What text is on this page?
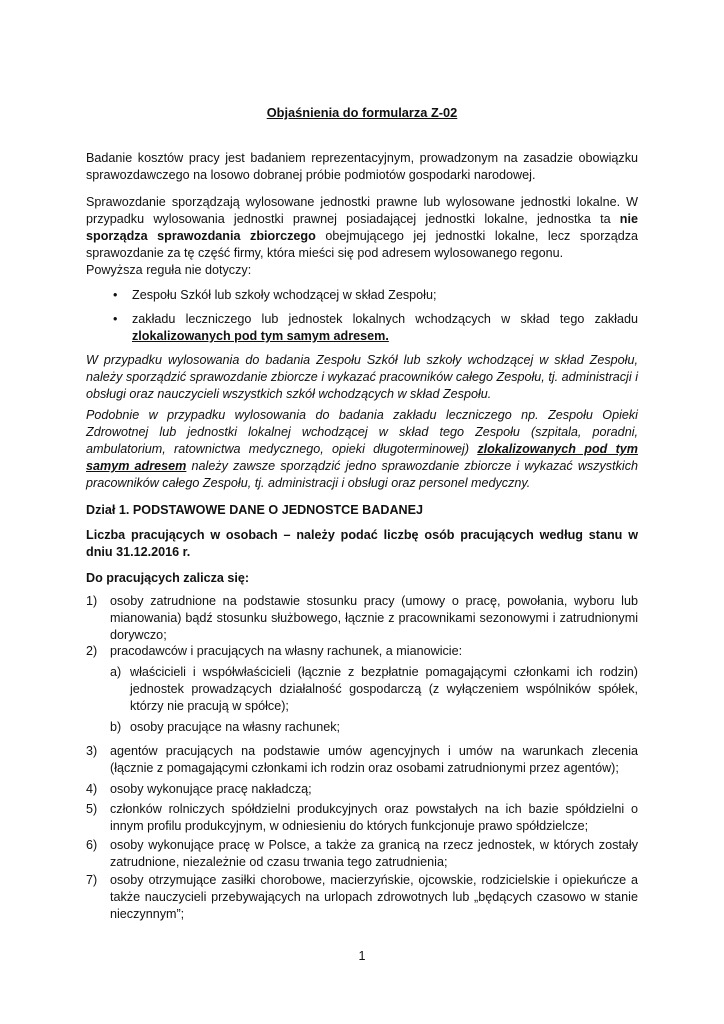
Objaśnienia do formularza Z-02

Badanie kosztów pracy jest badaniem reprezentacyjnym, prowadzonym na zasadzie obowiązku sprawozdawczego na losowo dobranej próbie podmiotów gospodarki narodowej.

Sprawozdanie sporządzają wylosowane jednostki prawne lub wylosowane jednostki lokalne. W przypadku wylosowania jednostki prawnej posiadającej jednostki lokalne, jednostka ta nie sporządza sprawozdania zbiorczego obejmującego jej jednostki lokalne, lecz sporządza sprawozdanie za tę część firmy, która mieści się pod adresem wylosowanego regonu.

Powyższa reguła nie dotyczy:

• Zespołu Szkół lub szkoły wchodzącej w skład Zespołu;

• zakładu leczniczego lub jednostek lokalnych wchodzących w skład tego zakładu zlokalizowanych pod tym samym adresem.

W przypadku wylosowania do badania Zespołu Szkół lub szkoły wchodzącej w skład Zespołu, należy sporządzić sprawozdanie zbiorcze i wykazać pracowników całego Zespołu, tj. administracji i obsługi oraz nauczycieli wszystkich szkół wchodzących w skład Zespołu.

Podobnie w przypadku wylosowania do badania zakładu leczniczego np. Zespołu Opieki Zdrowotnej lub jednostki lokalnej wchodzącej w skład tego Zespołu (szpitala, poradni, ambulatorium, ratownictwa medycznego, opieki długoterminowej) zlokalizowanych pod tym samym adresem należy zawsze sporządzić jedno sprawozdanie zbiorcze i wykazać wszystkich pracowników całego Zespołu, tj. administracji i obsługi oraz personel medyczny.

Dział 1. PODSTAWOWE DANE O JEDNOSTCE BADANEJ

Liczba pracujących w osobach – należy podać liczbę osób pracujących według stanu w dniu 31.12.2016 r.

Do pracujących zalicza się:

1) osoby zatrudnione na podstawie stosunku pracy (umowy o pracę, powołania, wyboru lub mianowania) bądź stosunku służbowego, łącznie z pracownikami sezonowymi i zatrudnionymi dorywczo;

2) pracodawców i pracujących na własny rachunek, a mianowicie:

a) właścicieli i współwłaścicieli (łącznie z bezpłatnie pomagającymi członkami ich rodzin) jednostek prowadzących działalność gospodarczą (z wyłączeniem wspólników spółek, którzy nie pracują w spółce);

b) osoby pracujące na własny rachunek;

3) agentów pracujących na podstawie umów agencyjnych i umów na warunkach zlecenia (łącznie z pomagającymi członkami ich rodzin oraz osobami zatrudnionymi przez agentów);

4) osoby wykonujące pracę nakładczą;

5) członków rolniczych spółdzielni produkcyjnych oraz powstałych na ich bazie spółdzielni o innym profilu produkcyjnym, w odniesieniu do których funkcjonuje prawo spółdzielcze;

6) osoby wykonujące pracę w Polsce, a także za granicą na rzecz jednostek, w których zostały zatrudnione, niezależnie od czasu trwania tego zatrudnienia;

7) osoby otrzymujące zasiłki chorobowe, macierzyńskie, ojcowskie, rodzicielskie i opiekuńcze a także nauczycieli przebywających na urlopach zdrowotnych lub „będących czasowo w stanie nieczynnym”;

1
